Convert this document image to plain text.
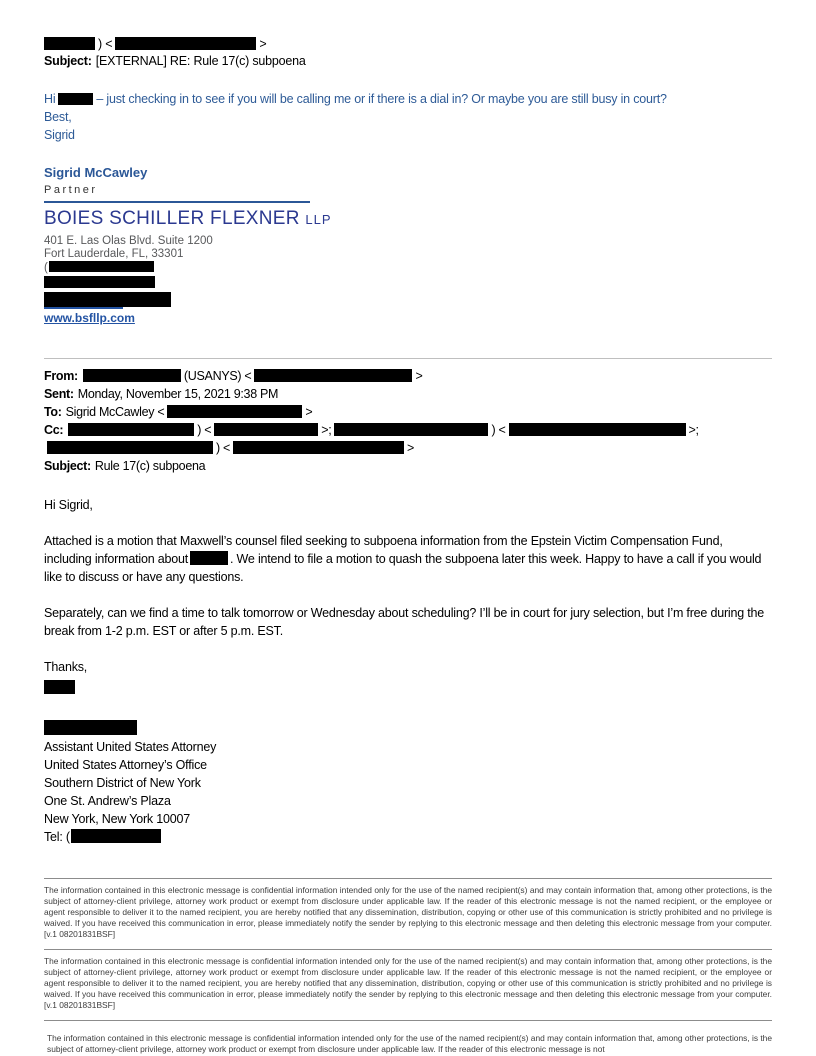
) <	>
Subject: [EXTERNAL] RE: Rule 17(c) subpoena
Hi	– just checking in to see if you will be calling me or if there is a dial in? Or maybe you are still busy in court?
Best,
Sigrid
Sigrid McCawley
Partner
BOIES SCHILLER FLEXNER LLP
401 E. Las Olas Blvd. Suite 1200
Fort Lauderdale, FL, 33301
(
www.bsfllp.com
From:	(USANYS) <	>
Sent: Monday, November 15, 2021 9:38 PM
To: Sigrid McCawley <	>
Cc:	) <	>;	) <	>;) <	>
Subject: Rule 17(c) subpoena
Hi Sigrid,
Attached is a motion that Maxwell’s counsel filed seeking to subpoena information from the Epstein Victim Compensation Fund, including information about	. We intend to file a motion to quash the subpoena later this week. Happy to have a call if you would like to discuss or have any questions.
Separately, can we find a time to talk tomorrow or Wednesday about scheduling? I’ll be in court for jury selection, but I’m free during the break from 1-2 p.m. EST or after 5 p.m. EST.
Thanks,
Assistant United States Attorney
United States Attorney’s Office
Southern District of New York
One St. Andrew’s Plaza
New York, New York 10007
Tel: (
The information contained in this electronic message is confidential information intended only for the use of the named recipient(s) and may contain information that, among other protections, is the subject of attorney-client privilege, attorney work product or exempt from disclosure under applicable law. If the reader of this electronic message is not the named recipient, or the employee or agent responsible to deliver it to the named recipient, you are hereby notified that any dissemination, distribution, copying or other use of this communication is strictly prohibited and no privilege is waived. If you have received this communication in error, please immediately notify the sender by replying to this electronic message and then deleting this electronic message from your computer. [v.1 08201831BSF]
The information contained in this electronic message is confidential information intended only for the use of the named recipient(s) and may contain information that, among other protections, is the subject of attorney-client privilege, attorney work product or exempt from disclosure under applicable law. If the reader of this electronic message is not the named recipient, or the employee or agent responsible to deliver it to the named recipient, you are hereby notified that any dissemination, distribution, copying or other use of this communication is strictly prohibited and no privilege is waived. If you have received this communication in error, please immediately notify the sender by replying to this electronic message and then deleting this electronic message from your computer. [v.1 08201831BSF]
The information contained in this electronic message is confidential information intended only for the use of the named recipient(s) and may contain information that, among other protections, is the subject of attorney-client privilege, attorney work product or exempt from disclosure under applicable law. If the reader of this electronic message is not
